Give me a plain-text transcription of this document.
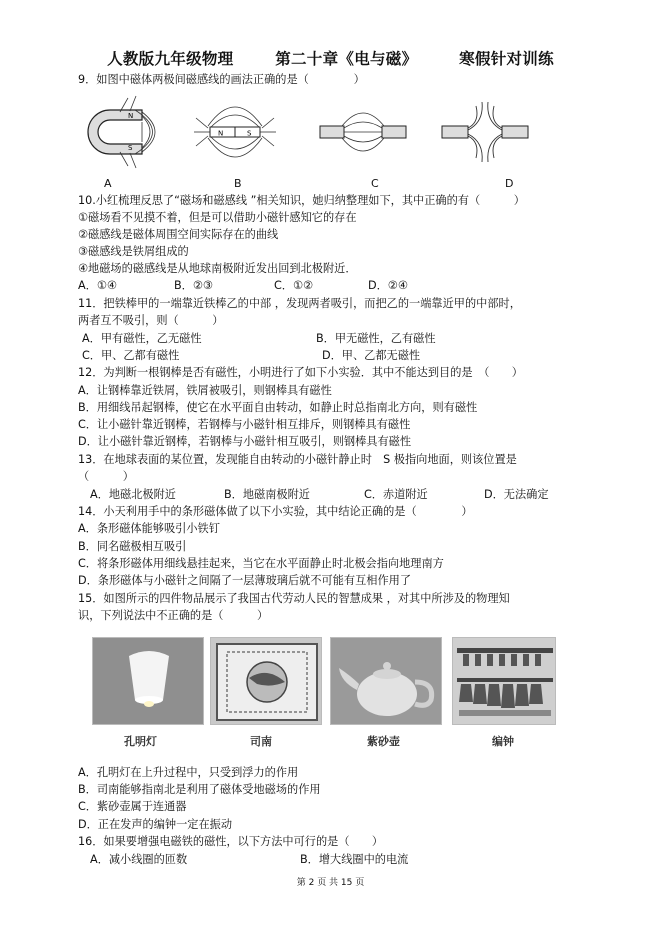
人教版九年级物理	第二十章《电与磁》	寒假针对训练
9．如图中磁体两极间磁感线的画法正确的是（　　　　）
N
S
N	S
A	B	C	D
10.小红梳理反思了“磁场和磁感线 ”相关知识，她归纳整理如下，其中正确的有（　　　）
①磁场看不见摸不着，但是可以借助小磁针感知它的存在
②磁感线是磁体周围空间实际存在的曲线
③磁感线是铁屑组成的
④地磁场的磁感线是从地球南极附近发出回到北极附近．
A．①④	B．②③	C．①②	D．②④
11．把铁棒甲的一端靠近铁棒乙的中部 ，发现两者吸引，而把乙的一端靠近甲的中部时，
两者互不吸引，则（　　　）
A．甲有磁性，乙无磁性	B．甲无磁性，乙有磁性
C．甲、乙都有磁性	D．甲、乙都无磁性
12．为判断一根钢棒是否有磁性，小明进行了如下小实验．其中不能达到目的是　（　　）
A．让钢棒靠近铁屑，铁屑被吸引，则钢棒具有磁性
B．用细线吊起钢棒，使它在水平面自由转动，如静止时总指南北方向，则有磁性
C．让小磁针靠近钢棒，若钢棒与小磁针相互排斥，则钢棒具有磁性
D．让小磁针靠近钢棒，若钢棒与小磁针相互吸引，则钢棒具有磁性
13．在地球表面的某位置，发现能自由转动的小磁针静止时　S 极指向地面，则该位置是
（　　　）
A．地磁北极附近	B．地磁南极附近	C．赤道附近	D．无法确定
14．小天利用手中的条形磁体做了以下小实验，其中结论正确的是（　　　　）
A．条形磁体能够吸引小铁钉
B．同名磁极相互吸引
C．将条形磁体用细线悬挂起来，当它在水平面静止时北极会指向地理南方
D．条形磁体与小磁针之间隔了一层薄玻璃后就不可能有互相作用了
15．如图所示的四件物品展示了我国古代劳动人民的智慧成果 ，对其中所涉及的物理知
识，下列说法中不正确的是（　　　）
孔明灯	司南	紫砂壶	编钟
A．孔明灯在上升过程中，只受到浮力的作用
B．司南能够指南北是利用了磁体受地磁场的作用
C．紫砂壶属于连通器
D．正在发声的编钟一定在振动
16．如果要增强电磁铁的磁性，以下方法中可行的是（　　）
A．减小线圈的匝数	B．增大线圈中的电流
第 2 页 共 15 页
